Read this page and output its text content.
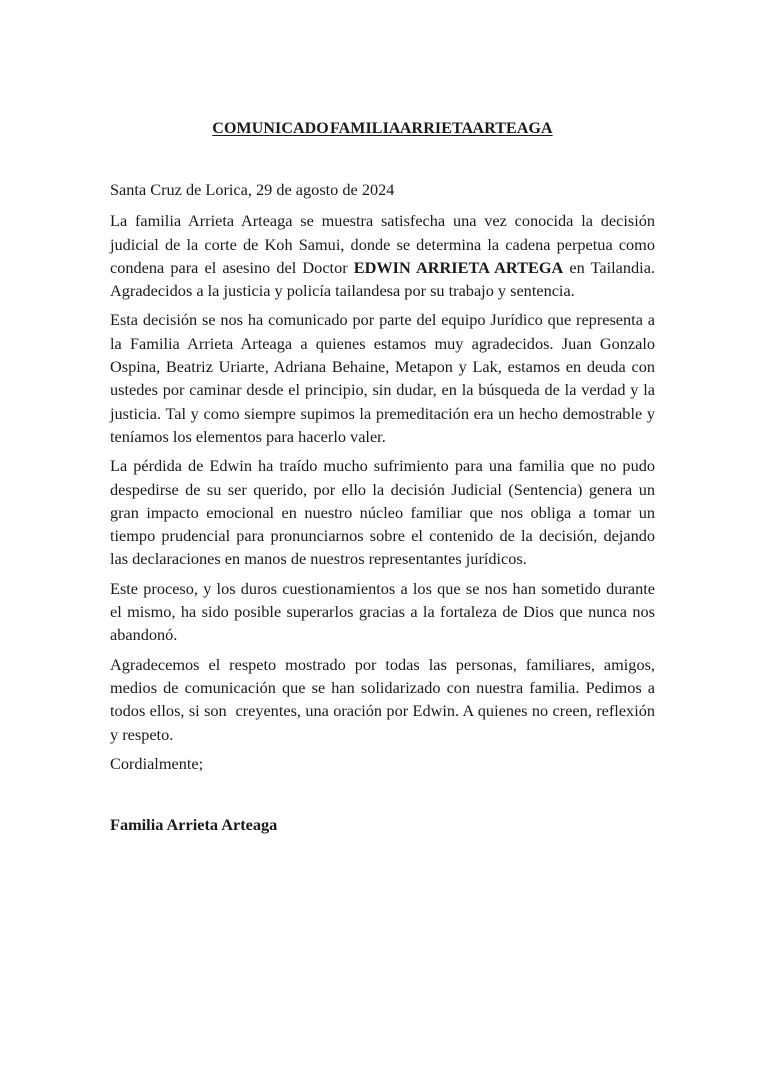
COMUNICADO FAMILIA ARRIETA ARTEAGA

Santa Cruz de Lorica, 29 de agosto de 2024

La familia Arrieta Arteaga se muestra satisfecha una vez conocida la decisión judicial de la corte de Koh Samui, donde se determina la cadena perpetua como condena para el asesino del Doctor EDWIN ARRIETA ARTEGA en Tailandia. Agradecidos a la justicia y policía tailandesa por su trabajo y sentencia.

Esta decisión se nos ha comunicado por parte del equipo Jurídico que representa a la Familia Arrieta Arteaga a quienes estamos muy agradecidos. Juan Gonzalo Ospina, Beatriz Uriarte, Adriana Behaine, Metapon y Lak, estamos en deuda con ustedes por caminar desde el principio, sin dudar, en la búsqueda de la verdad y la justicia. Tal y como siempre supimos la premeditación era un hecho demostrable y teníamos los elementos para hacerlo valer.

La pérdida de Edwin ha traído mucho sufrimiento para una familia que no pudo despedirse de su ser querido, por ello la decisión Judicial (Sentencia) genera un gran impacto emocional en nuestro núcleo familiar que nos obliga a tomar un tiempo prudencial para pronunciarnos sobre el contenido de la decisión, dejando las declaraciones en manos de nuestros representantes jurídicos.

Este proceso, y los duros cuestionamientos a los que se nos han sometido durante el mismo, ha sido posible superarlos gracias a la fortaleza de Dios que nunca nos abandonó.

Agradecemos el respeto mostrado por todas las personas, familiares, amigos, medios de comunicación que se han solidarizado con nuestra familia. Pedimos a todos ellos, si son  creyentes, una oración por Edwin. A quienes no creen, reflexión y respeto.

Cordialmente;

Familia Arrieta Arteaga
